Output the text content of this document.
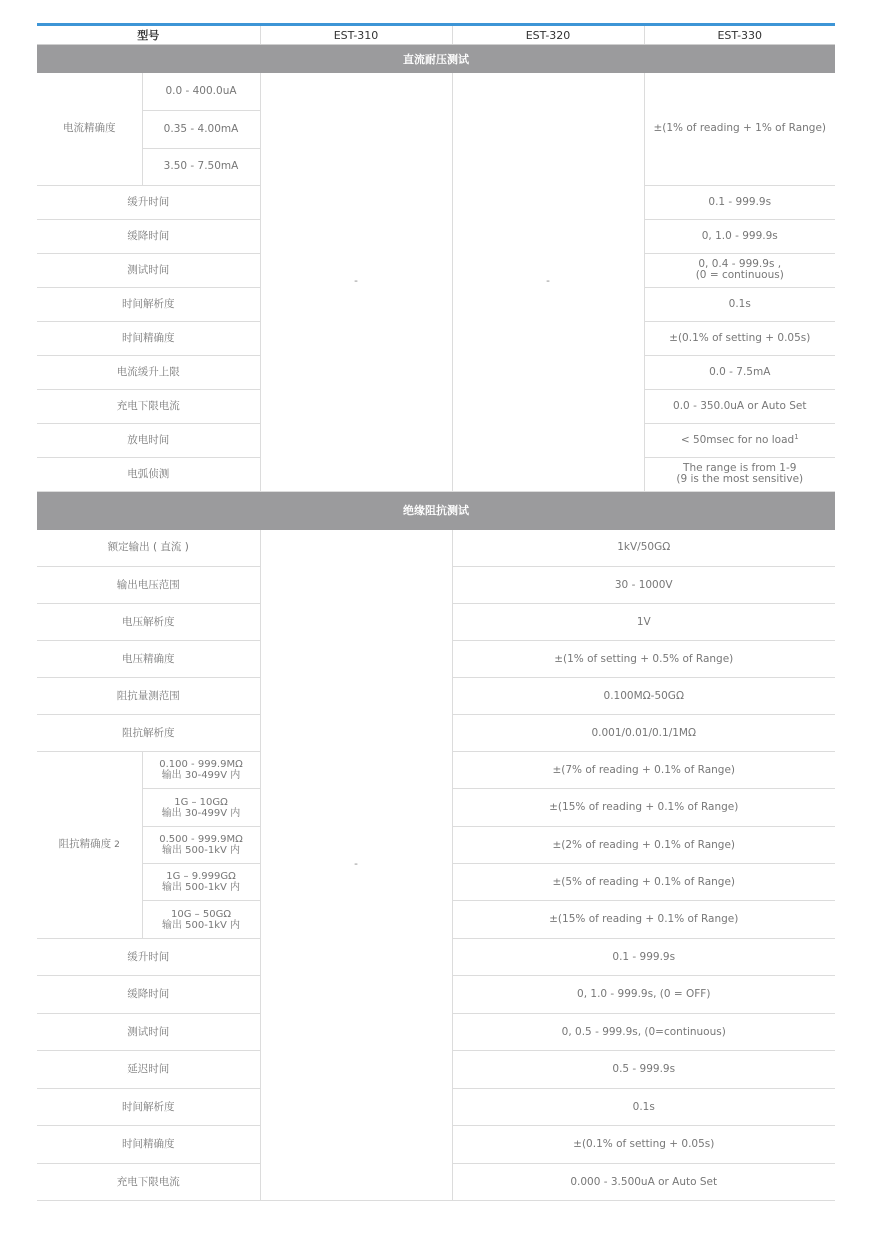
型号		EST-310	EST-320	EST-330
直流耐压测试				
电流精确度	0.0 - 400.0uA	-	-	±(1% of reading + 1% of Range)
	0.35 - 4.00mA			
	3.50 - 7.50mA			
缓升时间				0.1 - 999.9s
缓降时间				0, 1.0 - 999.9s
测试时间				0, 0.4 - 999.9s ,
(0 = continuous)

时间解析度				0.1s
时间精确度				±(0.1% of setting + 0.05s)
电流缓升上限				0.0 - 7.5mA
充电下限电流				0.0 - 350.0uA or Auto Set
放电时间				< 50msec for no load$^1$
电弧侦测				The range is from 1-9
(9 is the most sensitive)

绝缘阻抗测试				
额定输出 ( 直流 )		-	1kV/50GΩ	
输出电压范围			30 - 1000V	
电压解析度			1V	
电压精确度			±(1% of setting + 0.5% of Range)	
阻抗量测范围			0.100MΩ-50GΩ	
阻抗解析度			0.001/0.01/0.1/1MΩ	
阻抗精确度 2	0.100 - 999.9MΩ
输出 30-499V 内		±(7% of reading + 0.1% of Range)	

	1G – 10GΩ
输出 30-499V 内		±(15% of reading + 0.1% of Range)	

	0.500 - 999.9MΩ
输出 500-1kV 内		±(2% of reading + 0.1% of Range)	

	1G – 9.999GΩ
输出 500-1kV 内		±(5% of reading + 0.1% of Range)	

	10G – 50GΩ
输出 500-1kV 内		±(15% of reading + 0.1% of Range)	
缓升时间			0.1 - 999.9s	
缓降时间			0, 1.0 - 999.9s, (0 = OFF)	
测试时间			0, 0.5 - 999.9s, (0=continuous)	
延迟时间			0.5 - 999.9s	
时间解析度			0.1s	
时间精确度			±(0.1% of setting + 0.05s)	
充电下限电流			0.000 - 3.500uA or Auto Set	
